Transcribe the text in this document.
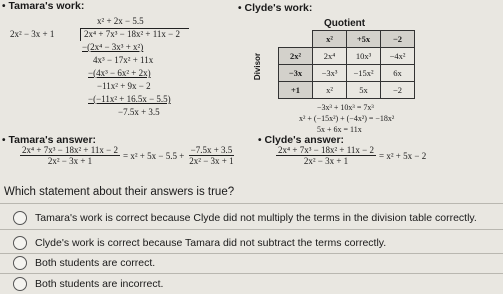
• Tamara's work:
x² + 2x − 5.5
2x² − 3x + 1	2x⁴ + 7x³ − 18x² + 11x − 2
−(2x⁴ − 3x³ + x²)
4x³ − 17x² + 11x
−(4x³ − 6x² + 2x)
−11x² + 9x − 2
−(−11x² + 16.5x − 5.5)
−7.5x + 3.5
• Clyde's work:
Quotient
Divisor
	x²	+5x	−2
2x²	2x⁴	10x³	−4x²
−3x	−3x³	−15x²	6x
+1	x²	5x	−2
−3x³ + 10x³ = 7x³
x² + (−15x²) + (−4x²) = −18x²
5x + 6x = 11x
• Tamara's answer:
$\frac{\text{2x⁴ + 7x³ − 18x² + 11x − 2}}{\text{2x² − 3x + 1}} = x^2 + 5x - 5.5 + \frac{-7.5x + 3.5}{\text{2x² − 3x + 1}}$
• Clyde's answer:
$\frac{\text{2x⁴ + 7x³ − 18x² + 11x − 2}}{\text{2x² − 3x + 1}} = x^2 + 5x - 2$
Which statement about their answers is true?
Tamara's work is correct because Clyde did not multiply the terms in the division table correctly.
Clyde's work is correct because Tamara did not subtract the terms correctly.
Both students are correct.
Both students are incorrect.
